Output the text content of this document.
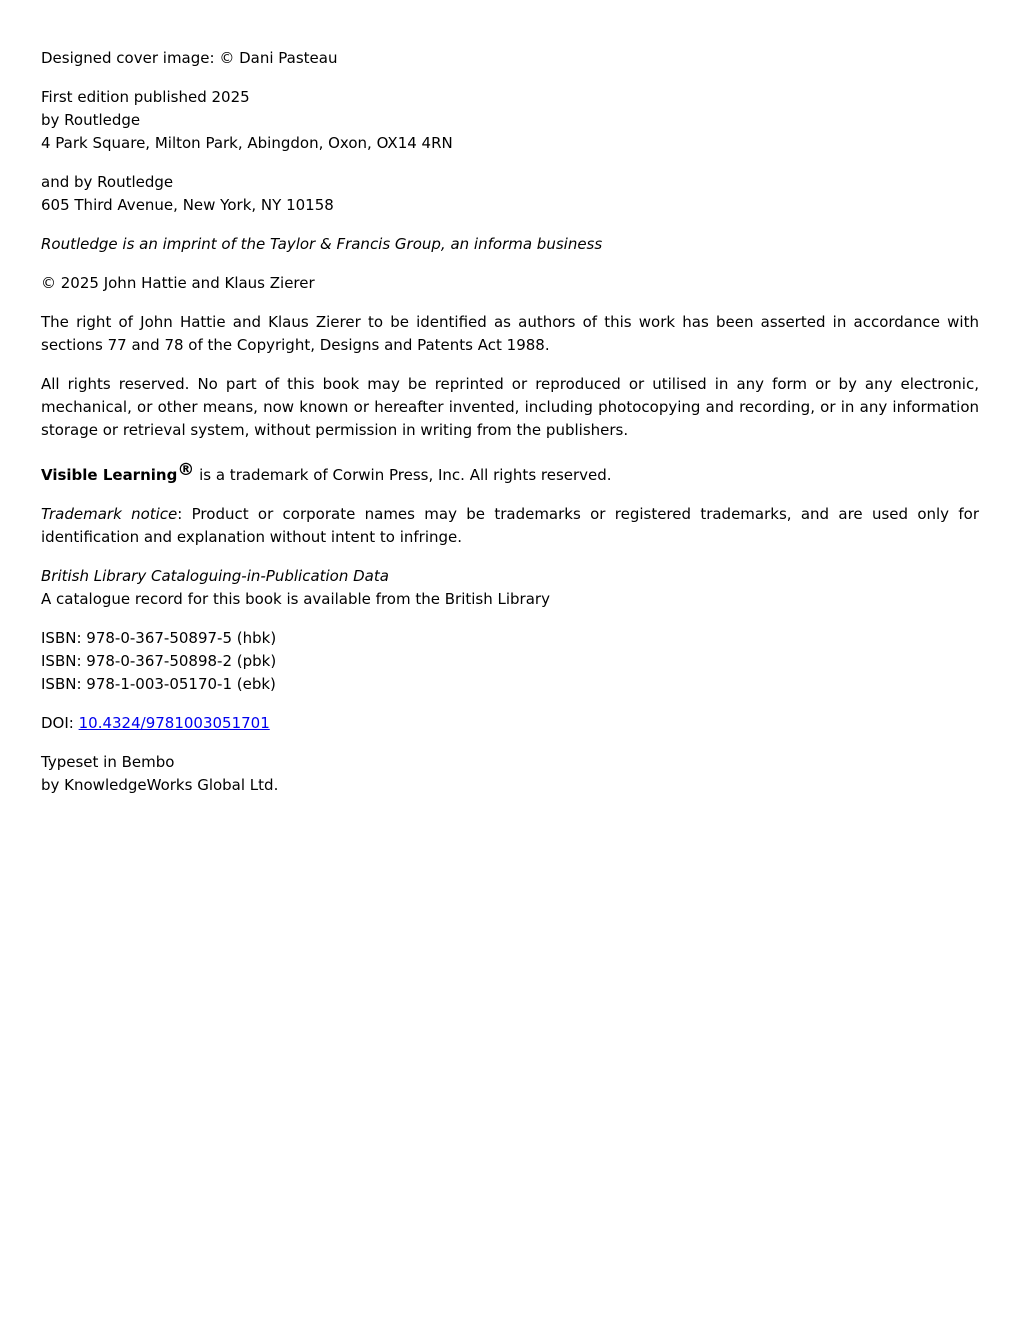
Designed cover image: © Dani Pasteau
First edition published 2025
by Routledge
4 Park Square, Milton Park, Abingdon, Oxon, OX14 4RN
and by Routledge
605 Third Avenue, New York, NY 10158
Routledge is an imprint of the Taylor & Francis Group, an informa business
© 2025 John Hattie and Klaus Zierer
The right of John Hattie and Klaus Zierer to be identified as authors of this work has been asserted in accordance with sections 77 and 78 of the Copyright, Designs and Patents Act 1988.
All rights reserved. No part of this book may be reprinted or reproduced or utilised in any form or by any electronic, mechanical, or other means, now known or hereafter invented, including photocopying and recording, or in any information storage or retrieval system, without permission in writing from the publishers.
Visible Learning® is a trademark of Corwin Press, Inc. All rights reserved.
Trademark notice: Product or corporate names may be trademarks or registered trademarks, and are used only for identification and explanation without intent to infringe.
British Library Cataloguing-in-Publication Data
A catalogue record for this book is available from the British Library
ISBN: 978-0-367-50897-5 (hbk)
ISBN: 978-0-367-50898-2 (pbk)
ISBN: 978-1-003-05170-1 (ebk)
DOI: 10.4324/9781003051701
Typeset in Bembo
by KnowledgeWorks Global Ltd.
